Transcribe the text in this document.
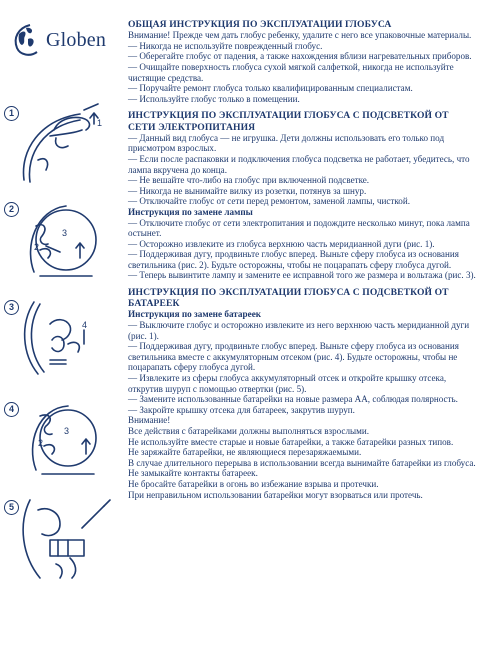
Globen
1
1
2
2
3
3
4
4
2
3
5
ОБЩАЯ ИНСТРУКЦИЯ ПО ЭКСПЛУАТАЦИИ ГЛОБУСА
Внимание! Прежде чем дать глобус ребенку, удалите с него все упаковочные материалы.
— Никогда не используйте поврежденный глобус.
— Оберегайте глобус от падения, а также нахождения вблизи нагревательных приборов.
— Очищайте поверхность глобуса сухой мягкой салфеткой, никогда не используйте чистящие средства.
— Поручайте ремонт глобуса только квалифицированным специалистам.
— Используйте глобус только в помещении.
ИНСТРУКЦИЯ ПО ЭКСПЛУАТАЦИИ ГЛОБУСА С ПОДСВЕТКОЙ ОТ СЕТИ ЭЛЕКТРОПИТАНИЯ
— Данный вид глобуса — не игрушка. Дети должны использовать его только под присмотром взрослых.
— Если после распаковки и подключения глобуса подсветка не работает, убедитесь, что лампа вкручена до конца.
— Не вешайте что-либо на глобус при включенной подсветке.
— Никогда не вынимайте вилку из розетки, потянув за шнур.
— Отключайте глобус от сети перед ремонтом, заменой лампы, чисткой.
Инструкция по замене лампы
— Отключите глобус от сети электропитания и подождите несколько минут, пока лампа остынет.
— Осторожно извлеките из глобуса верхнюю часть меридианной дуги (рис. 1).
— Поддерживая дугу, продвиньте глобус вперед. Выньте сферу глобуса из основания светильника (рис. 2). Будьте осторожны, чтобы не поцарапать сферу глобуса дугой.
— Теперь вывинтите лампу и замените ее исправной того же размера и вольтажа (рис. 3).
ИНСТРУКЦИЯ ПО ЭКСПЛУАТАЦИИ ГЛОБУСА С ПОДСВЕТКОЙ ОТ БАТАРЕЕК
Инструкция по замене батареек
— Выключите глобус и осторожно извлеките из него верхнюю часть меридианной дуги (рис. 1).
— Поддерживая дугу, продвиньте глобус вперед. Выньте сферу глобуса из основания светильника вместе с аккумуляторным отсеком (рис. 4). Будьте осторожны, чтобы не поцарапать сферу глобуса дугой.
— Извлеките из сферы глобуса аккумуляторный отсек и откройте крышку отсека, открутив шуруп с помощью отвертки (рис. 5).
— Замените использованные батарейки на новые размера АА, соблюдая полярность.
— Закройте крышку отсека для батареек, закрутив шуруп.
Внимание!
Все действия с батарейками должны выполняться взрослыми.
Не используйте вместе старые и новые батарейки, а также батарейки разных типов.
Не заряжайте батарейки, не являющиеся перезаряжаемыми.
В случае длительного перерыва в использовании всегда вынимайте батарейки из глобуса.
Не замыкайте контакты батареек.
Не бросайте батарейки в огонь во избежание взрыва и протечки.
При неправильном использовании батарейки могут взорваться или протечь.
